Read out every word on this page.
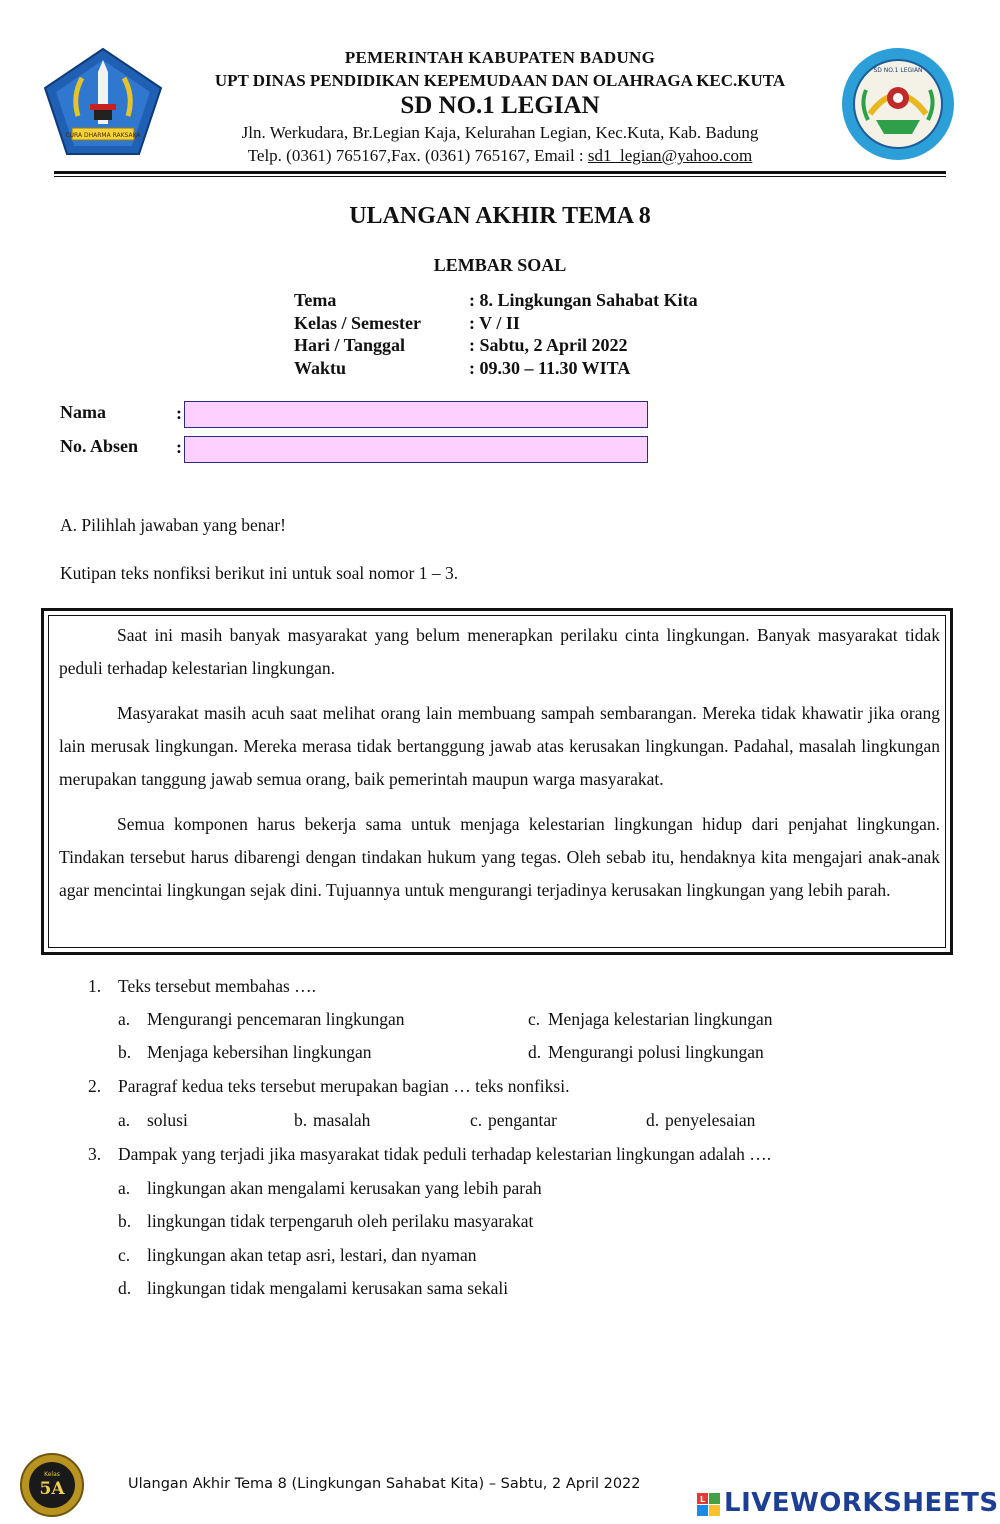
CURA DHARMA RAKSAKA
SD NO.1 LEGIAN
PEMERINTAH KABUPATEN BADUNG
UPT DINAS PENDIDIKAN KEPEMUDAAN DAN OLAHRAGA KEC.KUTA
SD NO.1 LEGIAN
Jln. Werkudara, Br.Legian Kaja, Kelurahan Legian, Kec.Kuta, Kab. Badung
Telp. (0361) 765167,Fax. (0361) 765167, Email : sd1_legian@yahoo.com
ULANGAN AKHIR TEMA 8
LEMBAR SOAL
Tema	: 8. Lingkungan Sahabat Kita
Kelas / Semester	: V / II
Hari / Tanggal	: Sabtu, 2 April 2022
Waktu	: 09.30 – 11.30 WITA
Nama	:
No. Absen :
A. Pilihlah jawaban yang benar!
Kutipan teks nonfiksi berikut ini untuk soal nomor 1 – 3.

Saat ini masih banyak masyarakat yang belum menerapkan perilaku cinta lingkungan. Banyak masyarakat tidak peduli terhadap kelestarian lingkungan.

Masyarakat masih acuh saat melihat orang lain membuang sampah sembarangan. Mereka tidak khawatir jika orang lain merusak lingkungan. Mereka merasa tidak bertanggung jawab atas kerusakan lingkungan. Padahal, masalah lingkungan merupakan tanggung jawab semua orang, baik pemerintah maupun warga masyarakat.

Semua komponen harus bekerja sama untuk menjaga kelestarian lingkungan hidup dari penjahat lingkungan. Tindakan tersebut harus dibarengi dengan tindakan hukum yang tegas. Oleh sebab itu, hendaknya kita mengajari anak-anak agar mencintai lingkungan sejak dini. Tujuannya untuk mengurangi terjadinya kerusakan lingkungan yang lebih parah.

1. Teks tersebut membahas ….
a. Mengurangi pencemaran lingkungan	c. Menjaga kelestarian lingkungan
b. Menjaga kebersihan lingkungan	d. Mengurangi polusi lingkungan
2. Paragraf kedua teks tersebut merupakan bagian … teks nonfiksi.
a. solusi	b. masalah	c. pengantar	d. penyelesaian
3. Dampak yang terjadi jika masyarakat tidak peduli terhadap kelestarian lingkungan adalah ….
a. lingkungan akan mengalami kerusakan yang lebih parah
b. lingkungan tidak terpengaruh oleh perilaku masyarakat
c. lingkungan akan tetap asri, lestari, dan nyaman
d. lingkungan tidak mengalami kerusakan sama sekali
Kelas
5A	Ulangan Akhir Tema 8 (Lingkungan Sahabat Kita) – Sabtu, 2 April 2022
L LIVEWORKSHEETS
